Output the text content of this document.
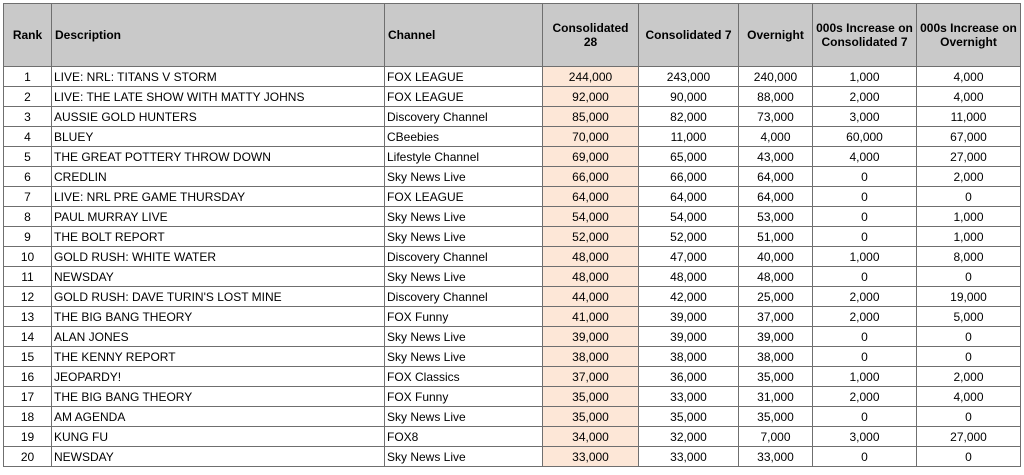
Rank	Description	Channel	Consolidated 28	Consolidated 7	Overnight	000s Increase on Consolidated 7	000s Increase on Overnight
1	LIVE: NRL: TITANS V STORM	FOX LEAGUE	244,000	243,000	240,000	1,000	4,000
2	LIVE: THE LATE SHOW WITH MATTY JOHNS	FOX LEAGUE	92,000	90,000	88,000	2,000	4,000
3	AUSSIE GOLD HUNTERS	Discovery Channel	85,000	82,000	73,000	3,000	11,000
4	BLUEY	CBeebies	70,000	11,000	4,000	60,000	67,000
5	THE GREAT POTTERY THROW DOWN	Lifestyle Channel	69,000	65,000	43,000	4,000	27,000
6	CREDLIN	Sky News Live	66,000	66,000	64,000	0	2,000
7	LIVE: NRL PRE GAME THURSDAY	FOX LEAGUE	64,000	64,000	64,000	0	0
8	PAUL MURRAY LIVE	Sky News Live	54,000	54,000	53,000	0	1,000
9	THE BOLT REPORT	Sky News Live	52,000	52,000	51,000	0	1,000
10	GOLD RUSH: WHITE WATER	Discovery Channel	48,000	47,000	40,000	1,000	8,000
11	NEWSDAY	Sky News Live	48,000	48,000	48,000	0	0
12	GOLD RUSH: DAVE TURIN'S LOST MINE	Discovery Channel	44,000	42,000	25,000	2,000	19,000
13	THE BIG BANG THEORY	FOX Funny	41,000	39,000	37,000	2,000	5,000
14	ALAN JONES	Sky News Live	39,000	39,000	39,000	0	0
15	THE KENNY REPORT	Sky News Live	38,000	38,000	38,000	0	0
16	JEOPARDY!	FOX Classics	37,000	36,000	35,000	1,000	2,000
17	THE BIG BANG THEORY	FOX Funny	35,000	33,000	31,000	2,000	4,000
18	AM AGENDA	Sky News Live	35,000	35,000	35,000	0	0
19	KUNG FU	FOX8	34,000	32,000	7,000	3,000	27,000
20	NEWSDAY	Sky News Live	33,000	33,000	33,000	0	0
